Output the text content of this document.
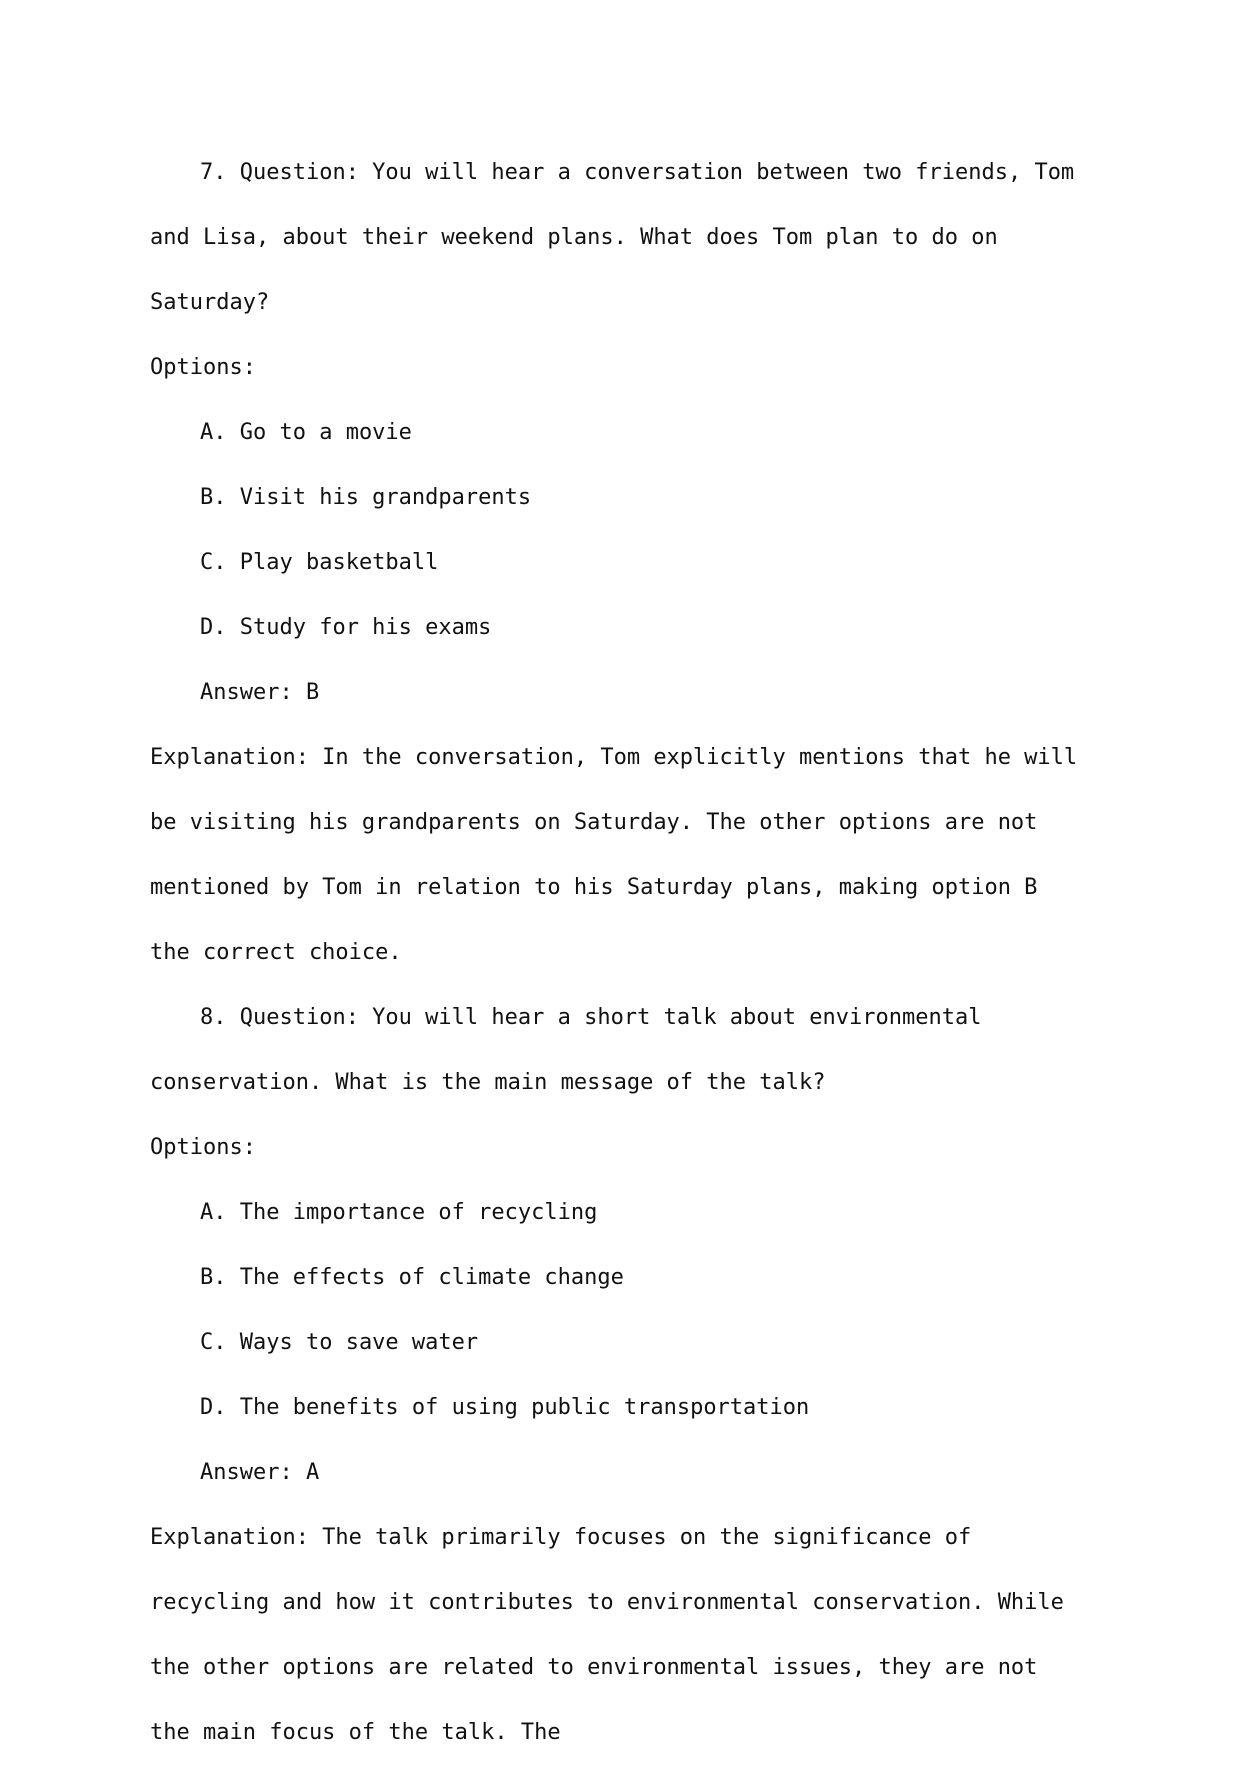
7. Question: You will hear a conversation between two friends, Tom and Lisa, about their weekend plans. What does Tom plan to do on Saturday?
Options:
A. Go to a movie
B. Visit his grandparents
C. Play basketball
D. Study for his exams
Answer: B
Explanation: In the conversation, Tom explicitly mentions that he will be visiting his grandparents on Saturday. The other options are not mentioned by Tom in relation to his Saturday plans, making option B the correct choice.
8. Question: You will hear a short talk about environmental conservation. What is the main message of the talk?
Options:
A. The importance of recycling
B. The effects of climate change
C. Ways to save water
D. The benefits of using public transportation
Answer: A
Explanation: The talk primarily focuses on the significance of recycling and how it contributes to environmental conservation. While the other options are related to environmental issues, they are not the main focus of the talk. The
